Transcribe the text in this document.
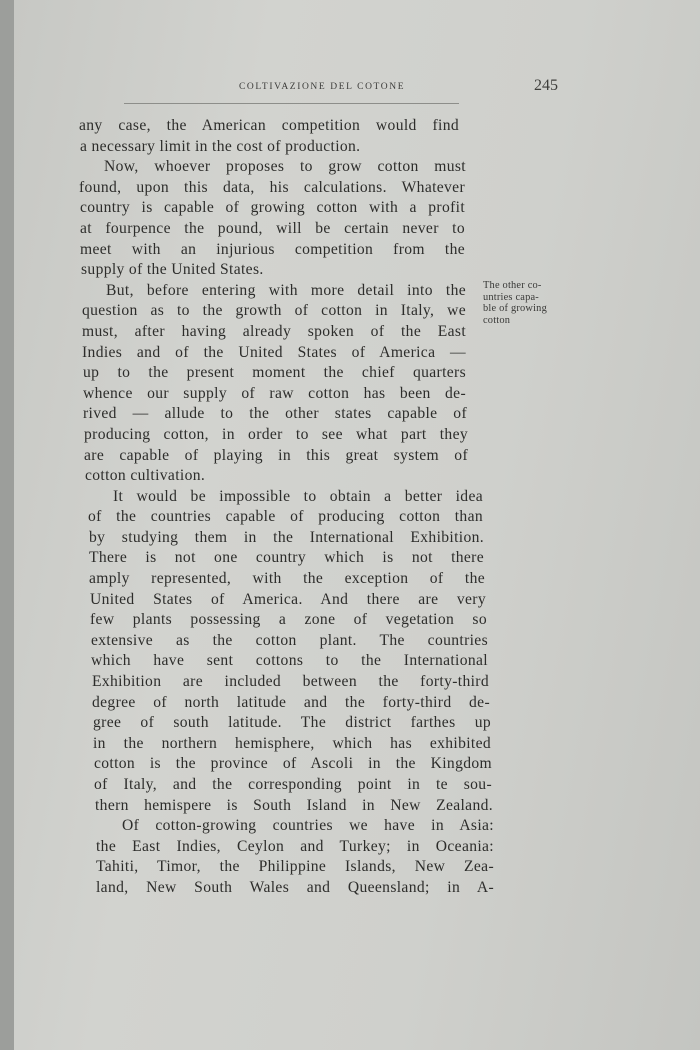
COLTIVAZIONE DEL COTONE	245
any case, the American competition would find
a necessary limit in the cost of production.
Now, whoever proposes to grow cotton must
found, upon this data, his calculations. Whatever
country is capable of growing cotton with a profit
at fourpence the pound, will be certain never to
meet with an injurious competition from the
supply of the United States.
But, before entering with more detail into the
question as to the growth of cotton in Italy, we
must, after having already spoken of the East
Indies and of the United States of America —
up to the present moment the chief quarters
whence our supply of raw cotton has been de-
rived — allude to the other states capable of
producing cotton, in order to see what part they
are capable of playing in this great system of
cotton cultivation.
It would be impossible to obtain a better idea
of the countries capable of producing cotton than
by studying them in the International Exhibition.
There is not one country which is not there
amply represented, with the exception of the
United States of America. And there are very
few plants possessing a zone of vegetation so
extensive as the cotton plant. The countries
which have sent cottons to the International
Exhibition are included between the forty-third
degree of north latitude and the forty-third de-
gree of south latitude. The district farthes up
in the northern hemisphere, which has exhibited
cotton is the province of Ascoli in the Kingdom
of Italy, and the corresponding point in te sou-
thern hemispere is South Island in New Zealand.
Of cotton-growing countries we have in Asia:
the East Indies, Ceylon and Turkey; in Oceania:
Tahiti, Timor, the Philippine Islands, New Zea-
land, New South Wales and Queensland; in A-
The other co-
untries capa-
ble of growing
cotton
